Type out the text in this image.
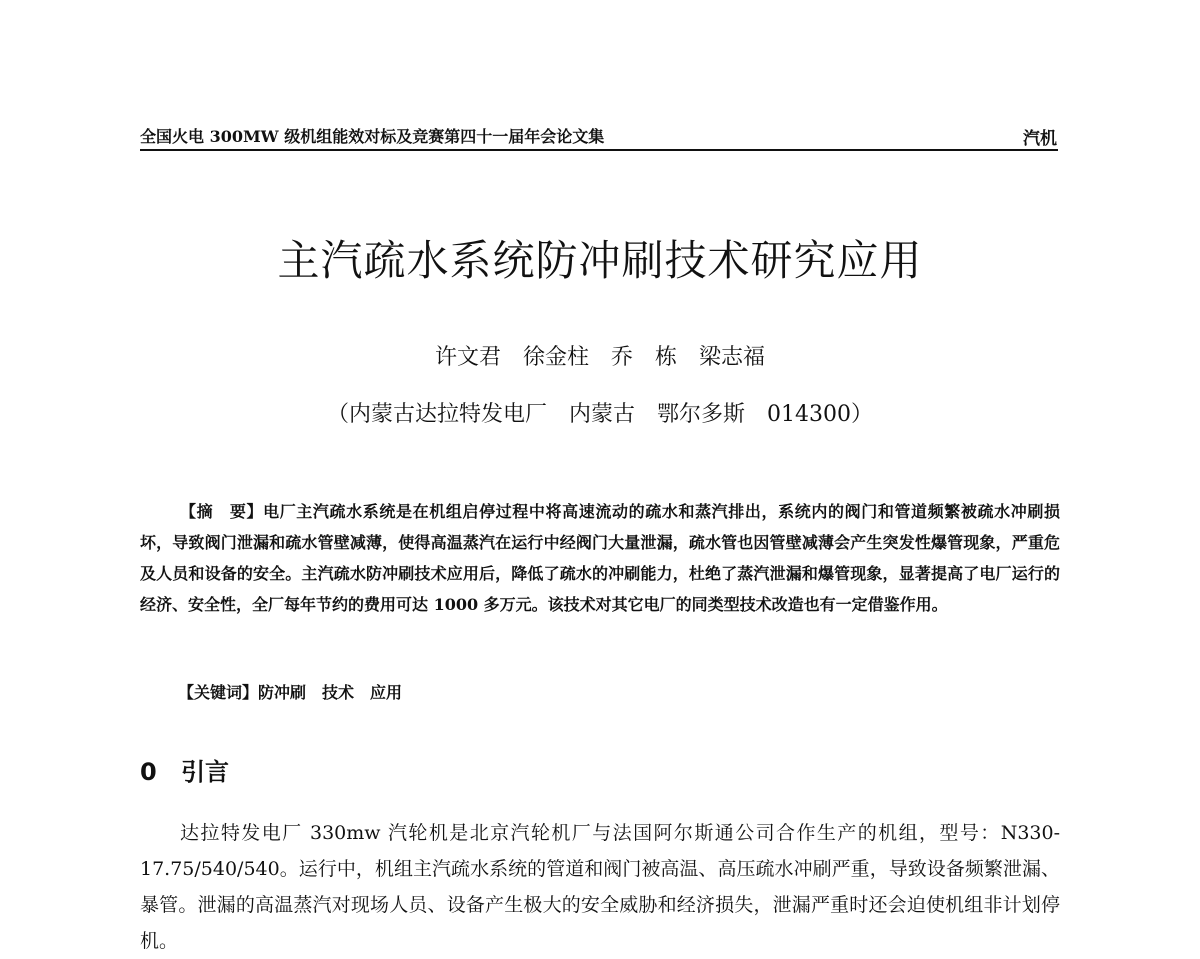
全国火电 300MW 级机组能效对标及竞赛第四十一届年会论文集	汽机
主汽疏水系统防冲刷技术研究应用
许文君　徐金柱　乔　栋　梁志福
（内蒙古达拉特发电厂　内蒙古　鄂尔多斯　014300）

【摘　要】电厂主汽疏水系统是在机组启停过程中将高速流动的疏水和蒸汽排出，系统内的阀门和管道频繁被疏水冲刷损坏，导致阀门泄漏和疏水管壁减薄，使得高温蒸汽在运行中经阀门大量泄漏，疏水管也因管壁减薄会产生突发性爆管现象，严重危及人员和设备的安全。主汽疏水防冲刷技术应用后，降低了疏水的冲刷能力，杜绝了蒸汽泄漏和爆管现象，显著提高了电厂运行的经济、安全性，全厂每年节约的费用可达 1000 多万元。该技术对其它电厂的同类型技术改造也有一定借鉴作用。

【关键词】防冲刷　技术　应用
0 引言

达拉特发电厂 330mw 汽轮机是北京汽轮机厂与法国阿尔斯通公司合作生产的机组，型号：N330-17.75/540/540。运行中，机组主汽疏水系统的管道和阀门被高温、高压疏水冲刷严重，导致设备频繁泄漏、暴管。泄漏的高温蒸汽对现场人员、设备产生极大的安全威胁和经济损失，泄漏严重时还会迫使机组非计划停机。
